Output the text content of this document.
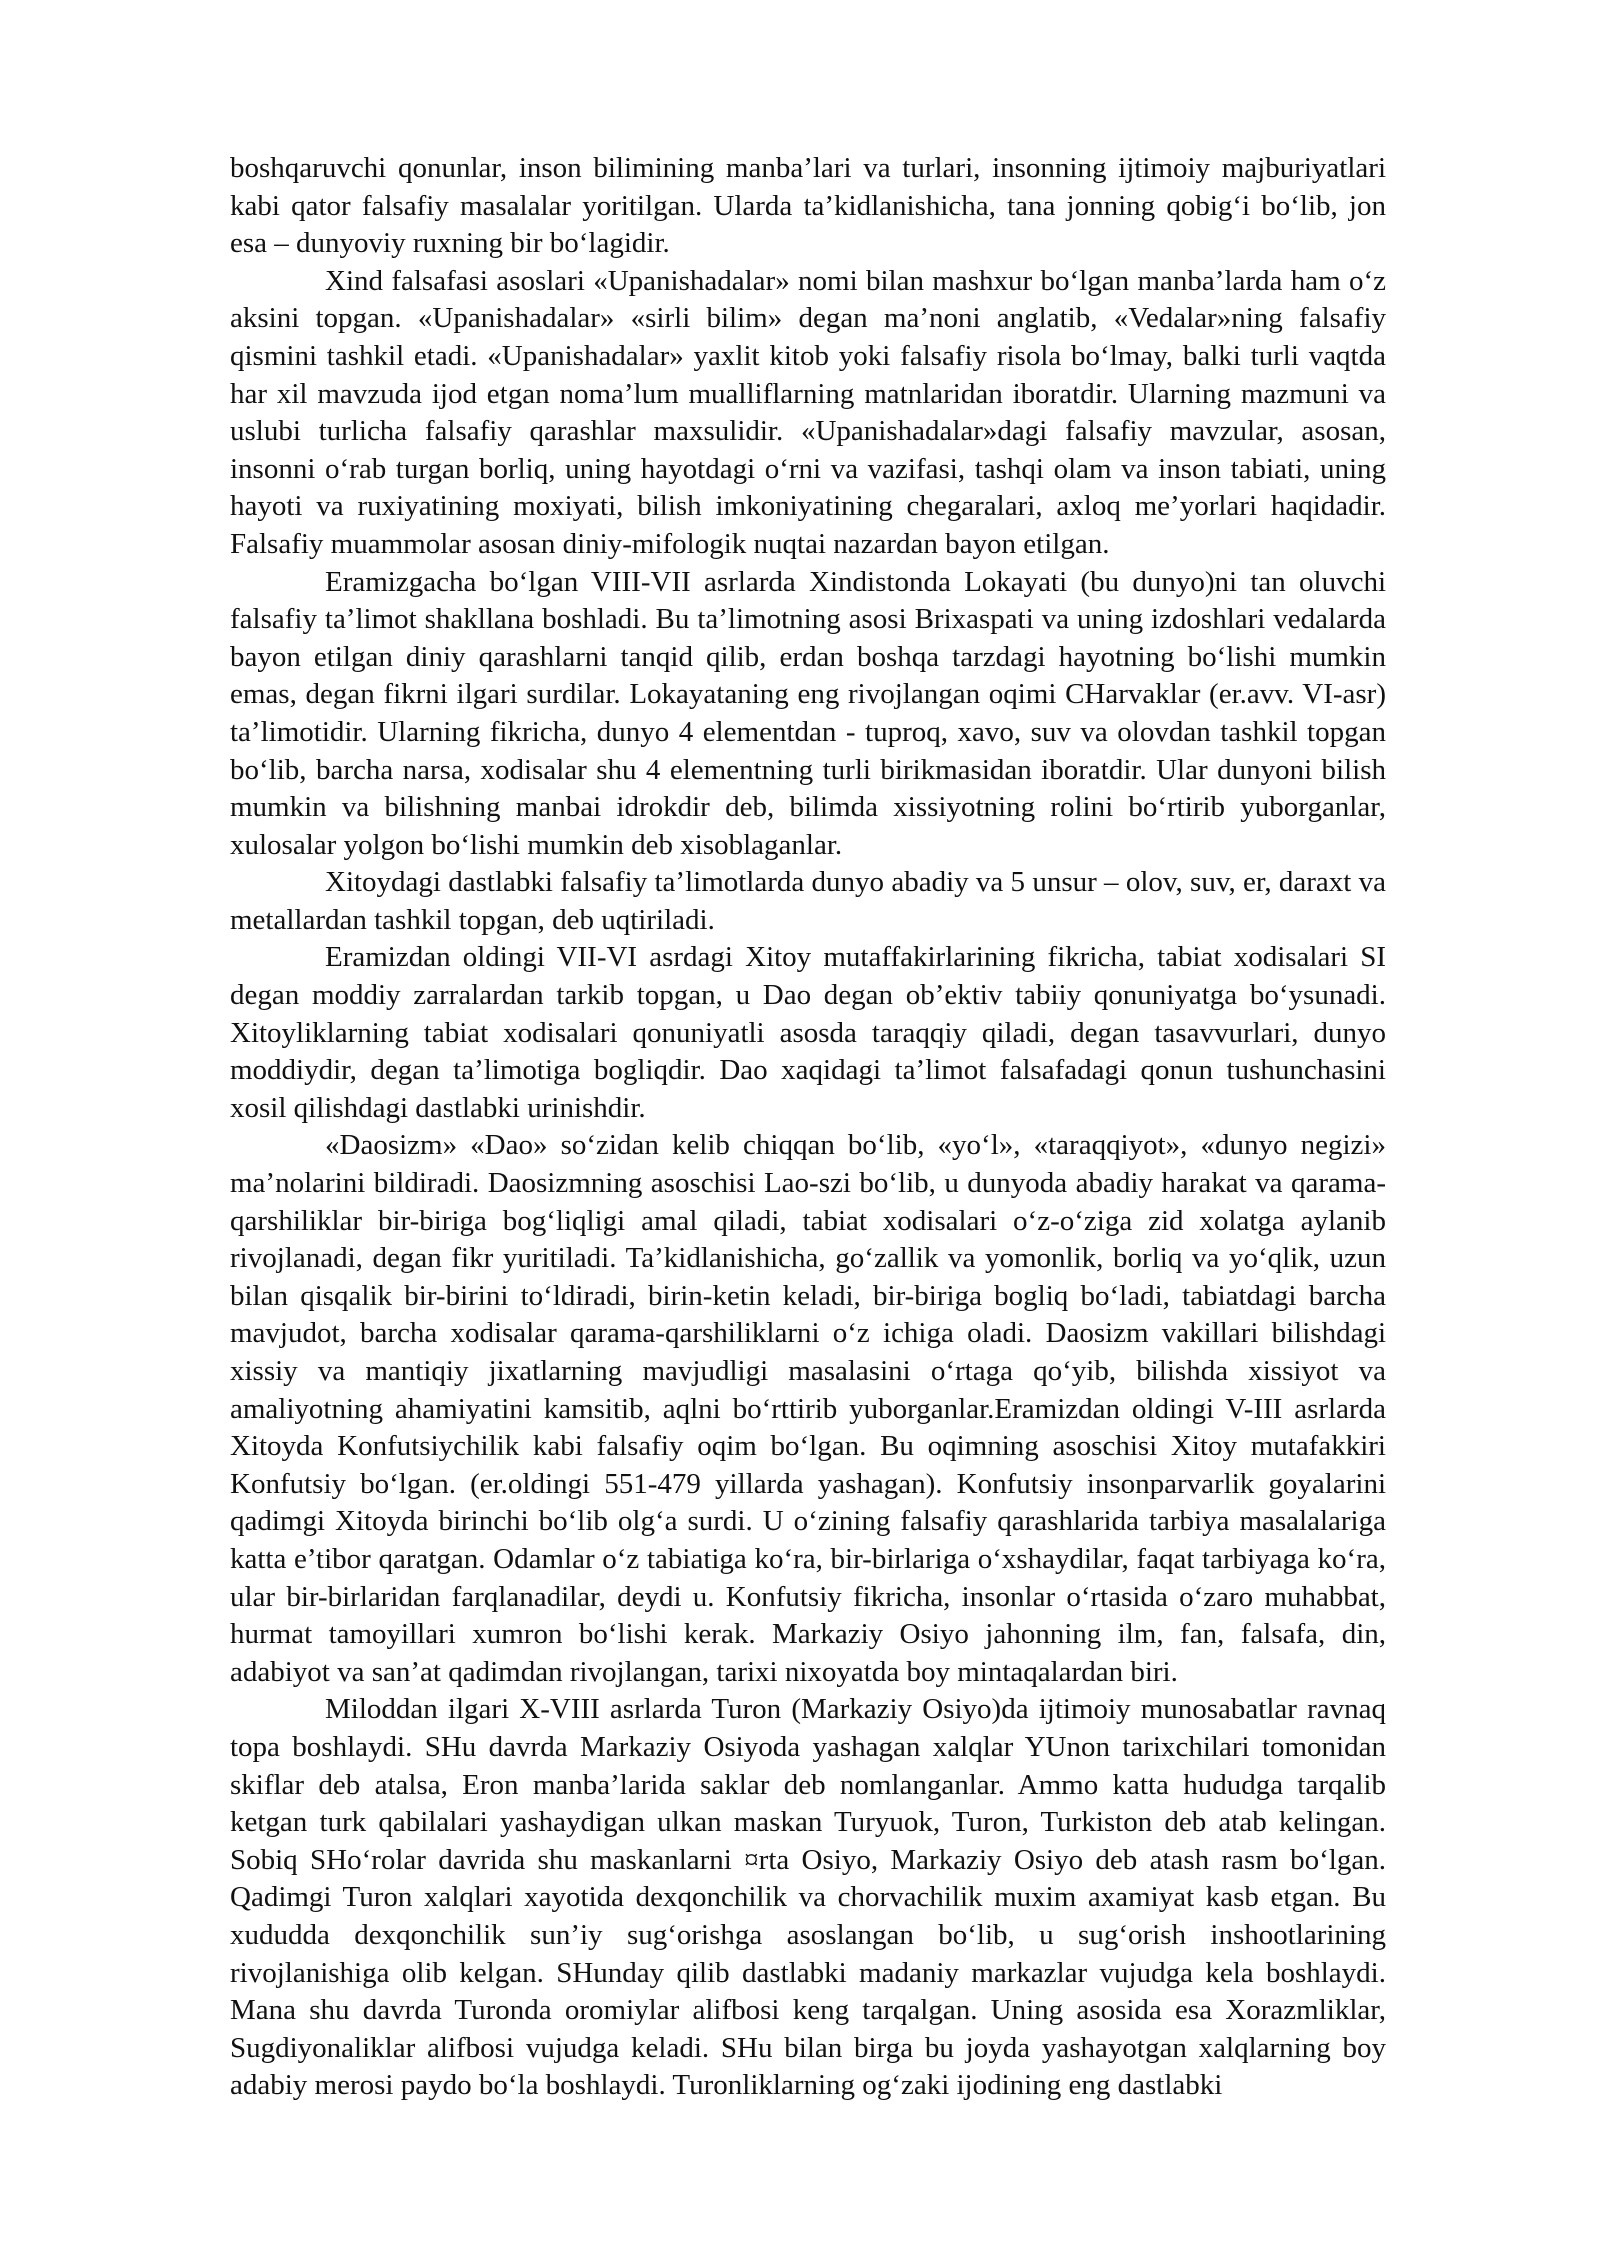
boshqaruvchi qonunlar, inson bilimining manba’lari va turlari, insonning ijtimoiy majburiyatlari kabi qator falsafiy masalalar yoritilgan. Ularda ta’kidlanishicha, tana jonning qobig‘i bo‘lib, jon esa – dunyoviy ruxning bir bo‘lagidir.

Xind falsafasi asoslari «Upanishadalar» nomi bilan mashxur bo‘lgan manba’larda ham o‘z aksini topgan. «Upanishadalar» «sirli bilim» degan ma’noni anglatib, «Vedalar»ning falsafiy qismini tashkil etadi. «Upanishadalar» yaxlit kitob yoki falsafiy risola bo‘lmay, balki turli vaqtda har xil mavzuda ijod etgan noma’lum mualliflarning matnlaridan iboratdir. Ularning mazmuni va uslubi turlicha falsafiy qarashlar maxsulidir. «Upanishadalar»dagi falsafiy mavzular, asosan, insonni o‘rab turgan borliq, uning hayotdagi o‘rni va vazifasi, tashqi olam va inson tabiati, uning hayoti va ruxiyatining moxiyati, bilish imkoniyatining chegaralari, axloq me’yorlari haqidadir. Falsafiy muammolar asosan diniy-mifologik nuqtai nazardan bayon etilgan.

Eramizgacha bo‘lgan VIII-VII asrlarda Xindistonda Lokayati (bu dunyo)ni tan oluvchi falsafiy ta’limot shakllana boshladi. Bu ta’limotning asosi Brixaspati va uning izdoshlari vedalarda bayon etilgan diniy qarashlarni tanqid qilib, erdan boshqa tarzdagi hayotning bo‘lishi mumkin emas, degan fikrni ilgari surdilar. Lokayataning eng rivojlangan oqimi CHarvaklar (er.avv. VI-asr) ta’limotidir. Ularning fikricha, dunyo 4 elementdan - tuproq, xavo, suv va olovdan tashkil topgan bo‘lib, barcha narsa, xodisalar shu 4 elementning turli birikmasidan iboratdir. Ular dunyoni bilish mumkin va bilishning manbai idrokdir deb, bilimda xissiyotning rolini bo‘rtirib yuborganlar, xulosalar yolgon bo‘lishi mumkin deb xisoblaganlar.

Xitoydagi dastlabki falsafiy ta’limotlarda dunyo abadiy va 5 unsur – olov, suv, er, daraxt va metallardan tashkil topgan, deb uqtiriladi.

Eramizdan oldingi VII-VI asrdagi Xitoy mutaffakirlarining fikricha, tabiat xodisalari SI degan moddiy zarralardan tarkib topgan, u Dao degan ob’ektiv tabiiy qonuniyatga bo‘ysunadi. Xitoyliklarning tabiat xodisalari qonuniyatli asosda taraqqiy qiladi, degan tasavvurlari, dunyo moddiydir, degan ta’limotiga bogliqdir. Dao xaqidagi ta’limot falsafadagi qonun tushunchasini xosil qilishdagi dastlabki urinishdir.

«Daosizm» «Dao» so‘zidan kelib chiqqan bo‘lib, «yo‘l», «taraqqiyot», «dunyo negizi» ma’nolarini bildiradi. Daosizmning asoschisi Lao-szi bo‘lib, u dunyoda abadiy harakat va qarama-qarshiliklar bir-biriga bog‘liqligi amal qiladi, tabiat xodisalari o‘z-o‘ziga zid xolatga aylanib rivojlanadi, degan fikr yuritiladi. Ta’kidlanishicha, go‘zallik va yomonlik, borliq va yo‘qlik, uzun bilan qisqalik bir-birini to‘ldiradi, birin-ketin keladi, bir-biriga bogliq bo‘ladi, tabiatdagi barcha mavjudot, barcha xodisalar qarama-qarshiliklarni o‘z ichiga oladi. Daosizm vakillari bilishdagi xissiy va mantiqiy jixatlarning mavjudligi masalasini o‘rtaga qo‘yib, bilishda xissiyot va amaliyotning ahamiyatini kamsitib, aqlni bo‘rttirib yuborganlar.Eramizdan oldingi V-III asrlarda Xitoyda Konfutsiychilik kabi falsafiy oqim bo‘lgan. Bu oqimning asoschisi Xitoy mutafakkiri Konfutsiy bo‘lgan. (er.oldingi 551-479 yillarda yashagan). Konfutsiy insonparvarlik goyalarini qadimgi Xitoyda birinchi bo‘lib olg‘a surdi. U o‘zining falsafiy qarashlarida tarbiya masalalariga katta e’tibor qaratgan. Odamlar o‘z tabiatiga ko‘ra, bir-birlariga o‘xshaydilar, faqat tarbiyaga ko‘ra, ular bir-birlaridan farqlanadilar, deydi u. Konfutsiy fikricha, insonlar o‘rtasida o‘zaro muhabbat, hurmat tamoyillari xumron bo‘lishi kerak. Markaziy Osiyo jahonning ilm, fan, falsafa, din, adabiyot va san’at qadimdan rivojlangan, tarixi nixoyatda boy mintaqalardan biri.

Miloddan ilgari X-VIII asrlarda Turon (Markaziy Osiyo)da ijtimoiy munosabatlar ravnaq topa boshlaydi. SHu davrda Markaziy Osiyoda yashagan xalqlar YUnon tarixchilari tomonidan skiflar deb atalsa, Eron manba’larida saklar deb nomlanganlar. Ammo katta hududga tarqalib ketgan turk qabilalari yashaydigan ulkan maskan Turyuok, Turon, Turkiston deb atab kelingan. Sobiq SHo‘rolar davrida shu maskanlarni ¤rta Osiyo, Markaziy Osiyo deb atash rasm bo‘lgan. Qadimgi Turon xalqlari xayotida dexqonchilik va chorvachilik muxim axamiyat kasb etgan. Bu xududda dexqonchilik sun’iy sug‘orishga asoslangan bo‘lib, u sug‘orish inshootlarining rivojlanishiga olib kelgan. SHunday qilib dastlabki madaniy markazlar vujudga kela boshlaydi. Mana shu davrda Turonda oromiylar alifbosi keng tarqalgan. Uning asosida esa Xorazmliklar, Sugdiyonaliklar alifbosi vujudga keladi. SHu bilan birga bu joyda yashayotgan xalqlarning boy adabiy merosi paydo bo‘la boshlaydi. Turonliklarning og‘zaki ijodining eng dastlabki
